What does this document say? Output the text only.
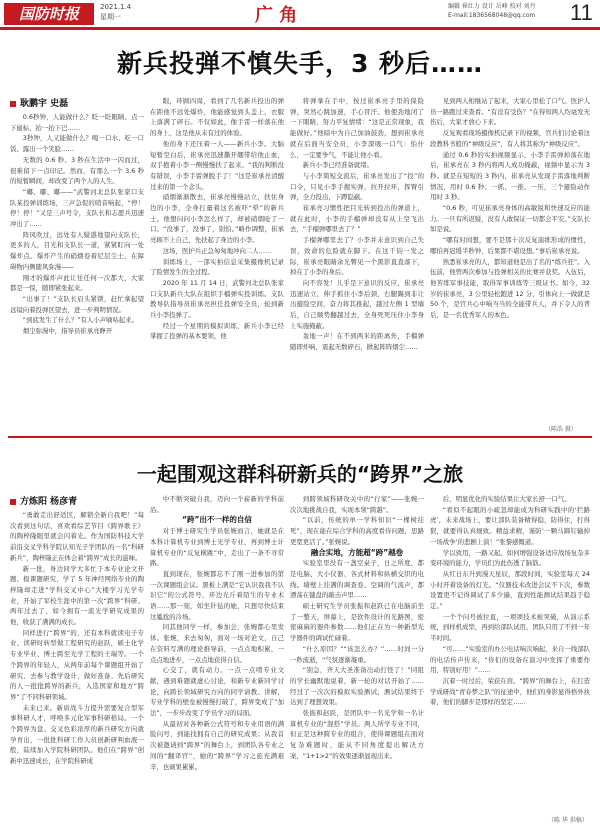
国防时报	2021.1.4
星期一	广 角	编辑 崔红力 设计 岳峰 校对 刘丹
E-mail:1836568048@qq.com	11
新兵投弹不慎失手，3 秒后……
耿鹏宇 史磊

0.6秒钟，人能做什么？眨一眨眼睛、点一下鼠标、抬一抬下巴……

3秒钟，人又能做什么？喝一口水、吃一口饭、露出一个笑脸……

无数的 0.6 秒、3 秒在生活中一闪而过，很难留下一点印记。然而，有那么一个 3.6 秒的短暂瞬间，却改变了两个人的人生。

“嘟、嘟、嘟——”武警河北总队张家口支队某投弹训练场，三声急促的哨音响起，“停！停！停！”又是三声号令，支队长和志愿兵迅速冲出了……

阵风吹过，远处有人疑惑地望向支队长，更多的人，目光和支队长一道，紧紧盯向一处爆炸点。爆炸产生的硝烟卷着尼层尘土，在障碍物内侧随风弥漫——

刚才的爆炸声此让往任何一次都大，大家都是一惊，随即紧张起来。

“出事了！”支队长眉头紧锁，赶忙拿起望远镜向着投弹区望去，进一步判明情况。

“到底发生了什么？”有人小声嘀咕起来。

烟尘弥漫中，指导员崔承亮睁开

眼，环顾四周，看到了几名新兵投出的弹在距他不远处爆炸，他能感觉到头盖上，衣服上落满了碎石。不仅如此，像手雷一样落在他的身上，这是他从未有过的体验。

他的身下还压着一人——新兵小李。大脑短暂空白后，崔承亮迅速撕开绷带给他止血，双手抱着小李一侧慢慢扶了起来。“我的判断没有错误，小李手雷弹脱手了！”这是崔承亮清醒过来的第一个念头。

硝烟渐渐散去，崔承亮慢慢站立，扶住身边的小李，全身打量着这名被吓“晕”的新兵士。他想问问小李怎么样了，却被硝烟呛了一口。“没事了，没事了，别怕。”略作调整，崔承亮顾不上自己，先扶起了身边的小李。

这场，医护兵正急匆匆地冲向二人……

训练场上，一部实拍信息采集摄像机记录了险情发生的全过程。

2020 年 11 月 14 日，武警河北总队张家口支队新兵大队在组织手榴弹实投训练。支队教导队指导员崔承亮担任投弹安全员，轮到新兵小李投弹了。

经过一个星期的模拟训练，新兵小李已经掌握了投弹的基本要领，他

将弹拿在手中，按过崔承亮手里的保险弹，突然心跳加速，手心冒汗。他使劲地闭了一下眼睛，努力平复情绪：“这是正常现象，我能做好。”他暗中为自己加油鼓劲，想到崔承亮就在后面当安全员，小李深吸一口气：怕什么，一定要争气，不能让他小看。

新兵小李已经准备就绪。

与小李简短交流后，崔承亮发出了“投”的口令，只见小李手握实弹，拉开拉环，挥臂引弹，全力投出，下蹲隐蔽。

崔承亮习惯性把目光转到投出的弹道上，就在此时，小李的手榴弹却没有从上空飞出去，“手榴弹哪里去了？”

手榴弹哪里去了？小李并未意识到自己失误，致命的危险就在脚下。在这千钧一发之际，崔承亮眼睛余光瞥见一个黑影直直落下，掉在了小李的身后。

向不容发！儿乎是下意识的反应，崔承亮迅速站立，伸手抓住小李后颈，右腿踢到非让出避险空间，奋力将其推起，越过左侧 1 型墙后，自己顺势翻越过去，全身死死压住小李身上实施掩蔽。

轰地一声！在不到两米的距离外，手榴弹随即炸响，震起无数碎石，掀起阵阵烟尘……

见到两人相继站了起来，大家心里松了口气。医护人员一路跑过来查看。“有没有受伤？”在得知两人均毫发无伤后，大家才放心下来。

反复观看现场摄像机记录下的视频，官兵们讨论着这段教科书般的“神级反应”，有人将其称为“神级反应”。

通过 0.6 秒的实拍视频显示，小李手雷弹掉落在地后，崔承亮在 3 秒内将两人成功掩蔽，视频中显示为 3 秒。就是在短短的 3 秒内，崔承亮从发现手雷落地判断情况，用时 0.6 秒；一抓、一推、一压，三个避险动作用时 3 秒。

“0.6 秒，可见崔承亮身体的高敏锐和快速反应的能力。一旦有所迟疑，没有人敢保证一切都会平安。”支队长如是说。

“哪有时间想，要不是那十次反复演练形成的惯性，哪怕再迟缓半秒钟，后果都不堪设想。”事后崔承亮说。

熟悉崔承亮的人，都知道他是出了名的“练兵狂”。入伍前，他曾两次参加与投弹相关的比赛并获奖。入伍后，他苦练军事技能，取得军事训练等三级证书。如今，32 岁的崔承亮，3 公里轻松跑进 12 分，引体向上一做就是 50 个，是官兵心中响当当的全能带兵人，并下令人的背后，是一名优秀军人的本色。

（陈浩 摄）
一起围观这群科研新兵的“跨界”之旅
方炼阳 杨彦青

“勇敢走出舒适区，解锁全新自我吧！”每次看到这句话，喜欢看综艺节目《跨界歌王》的陶梓隆眼里就会闪着光。作为国防科技大学前沿交叉学科学院认知光子学团队的一名“科研新兵”，陶梓隆正在体会着“跨界”成长的滋味。

新一批，身边同学大多忙于本专业论文开题、报课题研究，学了 5 年神经网络专业的陶梓隆却走进“学科交叉中心”大楼学习光学专业，开始了军校生涯中的第一次“跨界”科研。两年过去了，如今拥有一流光学研究成果的他，收获了满满的成长。

同样进行“跨界”的，还有本科就读电子专业、读研时转型做工程研究的赵跃，硕士化学专业毕业、博士跨至光学工程的王瑞等。一个个跨界的年轻人，从两年前每个课题组开始了研究、去参与教学设计，做好准备、先后研究的人一批批跨界的新兵，入选国家和地方“跨界”了不同科研领域。

未来已来。新质战斗力提升需要复合型军事科研人才，呼唤多元化军事科研格局。一个个跨界为盘、交叉色彩浓厚的新兵研究方向就孕育出，一批批科研工作人员创新研判血液一般，陆续加入学院科研团队。他们在“跨界”创新中迅速成长，在学院科研成

中不断突破自我，迈向一个崭新的学科前沿。

“跨”出不一样的自信

对于博士研究生学员张婉而言，她就是在本科计算机专业到博士光学专业，再到博士计算机专业的“反复横跳”中，走出了一条不寻常路。

直到现在，张婉都忘不了刚一进参加的第一次课题组会议。黑板上满是“它认识我我不认识它”的公式符号，环边光斤着陌生的专业术语……那一刻，如坐针毡的她，只想尽快结束这尴尬的冷场。

同其他同学一样，参加会，张婉都心里发怵。张婉，来去匆匆，面对一场对论文，自己在资料写满的理论推导前，一点点地积累，一点点地进步，一点点地获得自信。

心交了，就有动力。一点一点啃专业文献，遇到难题就虚心讨论，和新专业新同学讨论，向跨长领域研究方向的同学请教、讲解，专业学科的壁垒被慢慢打破了，跨界变成了“加法”，一步步改变了学员学习的局面。

从最初对各种新公式符号和专业用语的满脸问号，到能找拥有自己的研究成果；从我首次被邀请到“跨界”的舞台上，到团队各专业之间的“翻译官”，她的“跨界”学习之旅充满艰辛，也硕果累累。

到跨领域科研攻关中的“行家”——张婉一次次地挑战自我，实现本领“跨越”。

“以前，传统的单一学科知识“一棵树挂死”，现在能在综合学科的高度看待问题，思路更宽更活了。”张婉说。

融合实地，方能超“跨”越卷

实验室里没有一盏空桌子，日之所度，都是电脑、大小仪器、各式材料和纵横交织的电线。墙壁上挂满的调查卷、空调的气流声，都漂荡在键盘的敲击声里……

硕士研究生学员张振和赵跃已在电脑前坐了一整天，屏幕上，是软件设计的光路图，密密麻麻的器件参数……他们正在为一种新型光学器件的调试忙碌着。

“什么原因？”“该怎么办？”……时间一分一秒流逝，“气氛逐渐凝重。

“别急，齐天大圣准备出动打怪了！”同组的学长幽默地说着，新一轮的对话开始了……经过了一次次的模拟实验测试，测试结果终于达到了理想效果。

张振和赵跃，是团队中一名光学和一名计算机专业的“混搭”学员。两人所学专业不同，但正是这种跨专业的组合，使得课题组在面对复杂难题时，能从不同角度提出解决方案，“1+1>2”的效果逐渐显现出来。

后，明显优化的实验结果让大家长舒一口气。

“看似不起眼的小疏忽却能成为科研实践中的‘拦路虎’，未来战场上，要让部队装备精得稳，防得住，打得狠，就要得认真细致。精益求精，谨防‘一颗马蹄钉输掉一场战争’的悲剧上演！”张黎感慨道。

学以致用，一路又起。如何增强设备适应战场复杂多变环境的能力，学员们为此伤透了脑筋。

从红日东升到漫天星辰，那段时间，实验室每天 24 小时开着设备的灯光。“仪器技术改进会议不下次，参数设置更不记得调试了多少遍，直到性能测试结果趋于稳定。”

一个个问号被拉直，一项项技术被突破，从演示系统，到样机成型，再到给部队试用，团队只用了不到一年半时间。

“可……”实验室的办公电话响次响起，来自一线部队的电话传声传来，“你们的设备在演习中发挥了重要作用，特别好用！”……

沉着一时过后，荣获在肩。“跨界”的舞台上，在打造学成研战“青春梦之队”的征途中，他们的身影显得格外执着，他们的脚步是那样的坚定……

（陈 华 供稿）
